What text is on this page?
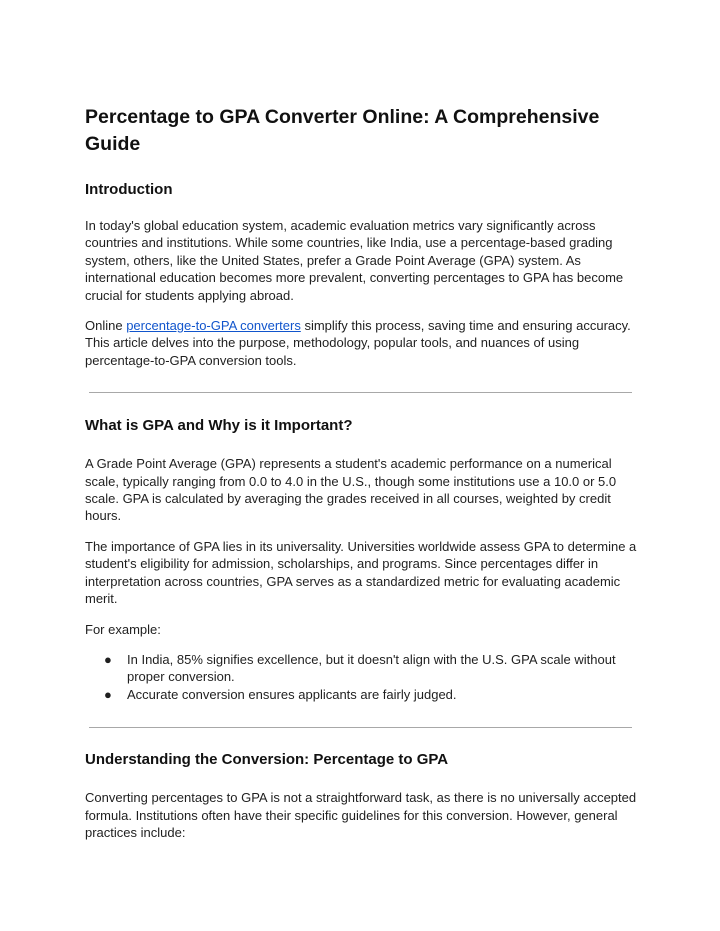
Percentage to GPA Converter Online: A Comprehensive Guide
Introduction

In today's global education system, academic evaluation metrics vary significantly across countries and institutions. While some countries, like India, use a percentage-based grading system, others, like the United States, prefer a Grade Point Average (GPA) system. As international education becomes more prevalent, converting percentages to GPA has become crucial for students applying abroad.

Online percentage-to-GPA converters simplify this process, saving time and ensuring accuracy. This article delves into the purpose, methodology, popular tools, and nuances of using percentage-to-GPA conversion tools.

What is GPA and Why is it Important?

A Grade Point Average (GPA) represents a student's academic performance on a numerical scale, typically ranging from 0.0 to 4.0 in the U.S., though some institutions use a 10.0 or 5.0 scale. GPA is calculated by averaging the grades received in all courses, weighted by credit hours.

The importance of GPA lies in its universality. Universities worldwide assess GPA to determine a student's eligibility for admission, scholarships, and programs. Since percentages differ in interpretation across countries, GPA serves as a standardized metric for evaluating academic merit.

For example:

● In India, 85% signifies excellence, but it doesn't align with the U.S. GPA scale without proper conversion.
● Accurate conversion ensures applicants are fairly judged.
Understanding the Conversion: Percentage to GPA

Converting percentages to GPA is not a straightforward task, as there is no universally accepted formula. Institutions often have their specific guidelines for this conversion. However, general practices include:
